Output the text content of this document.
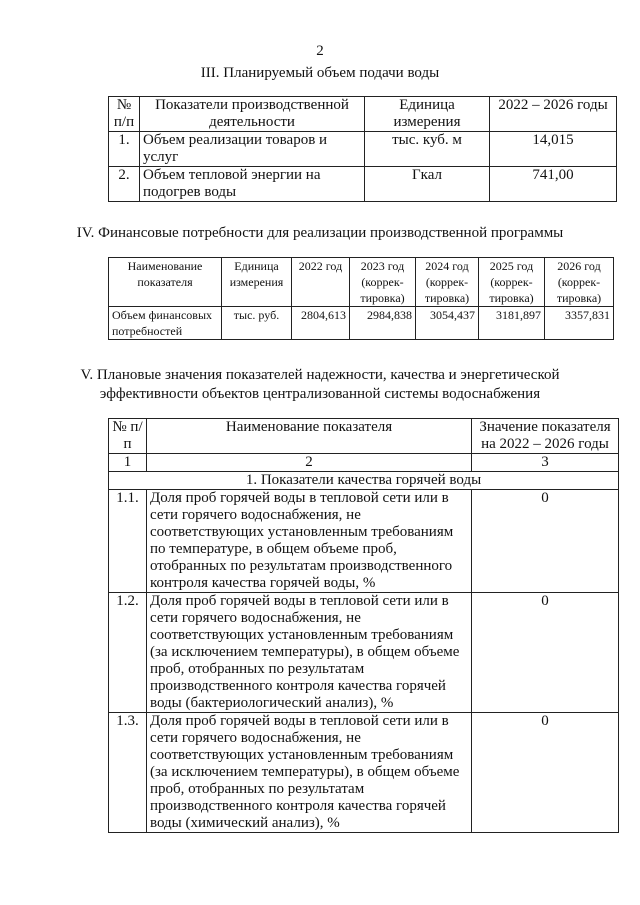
2
III. Планируемый объем подачи воды
№ п/п	Показатели производственной деятельности	Единица измерения	2022 – 2026 годы
1.	Объем реализации товаров и услуг	тыс. куб. м	14,015
2.	Объем тепловой энергии на подогрев воды	Гкал	741,00
IV. Финансовые потребности для реализации производственной программы
Наименование показателя	Единица измерения	2022 год	2023 год (коррек-тировка)	2024 год (коррек-тировка)	2025 год (коррек-тировка)	2026 год (коррек-тировка)
Объем финансовых потребностей	тыс. руб.	2804,613	2984,838	3054,437	3181,897	3357,831
V. Плановые значения показателей надежности, качества и энергетической
эффективности объектов централизованной системы водоснабжения
№ п/п	Наименование показателя	Значение показателя на 2022 – 2026 годы
1	2	3
1. Показатели качества горячей воды		
1.1.	Доля проб горячей воды в тепловой сети или в сети горячего водоснабжения, не соответствующих установленным требованиям по температуре, в общем объеме проб, отобранных по результатам производственного контроля качества горячей воды, %	0
1.2.	Доля проб горячей воды в тепловой сети или в сети горячего водоснабжения, не соответствующих установленным требованиям (за исключением температуры), в общем объеме проб, отобранных по результатам производственного контроля качества горячей воды (бактериологический анализ), %	0
1.3.	Доля проб горячей воды в тепловой сети или в сети горячего водоснабжения, не соответствующих установленным требованиям (за исключением температуры), в общем объеме проб, отобранных по результатам производственного контроля качества горячей воды (химический анализ), %	0
